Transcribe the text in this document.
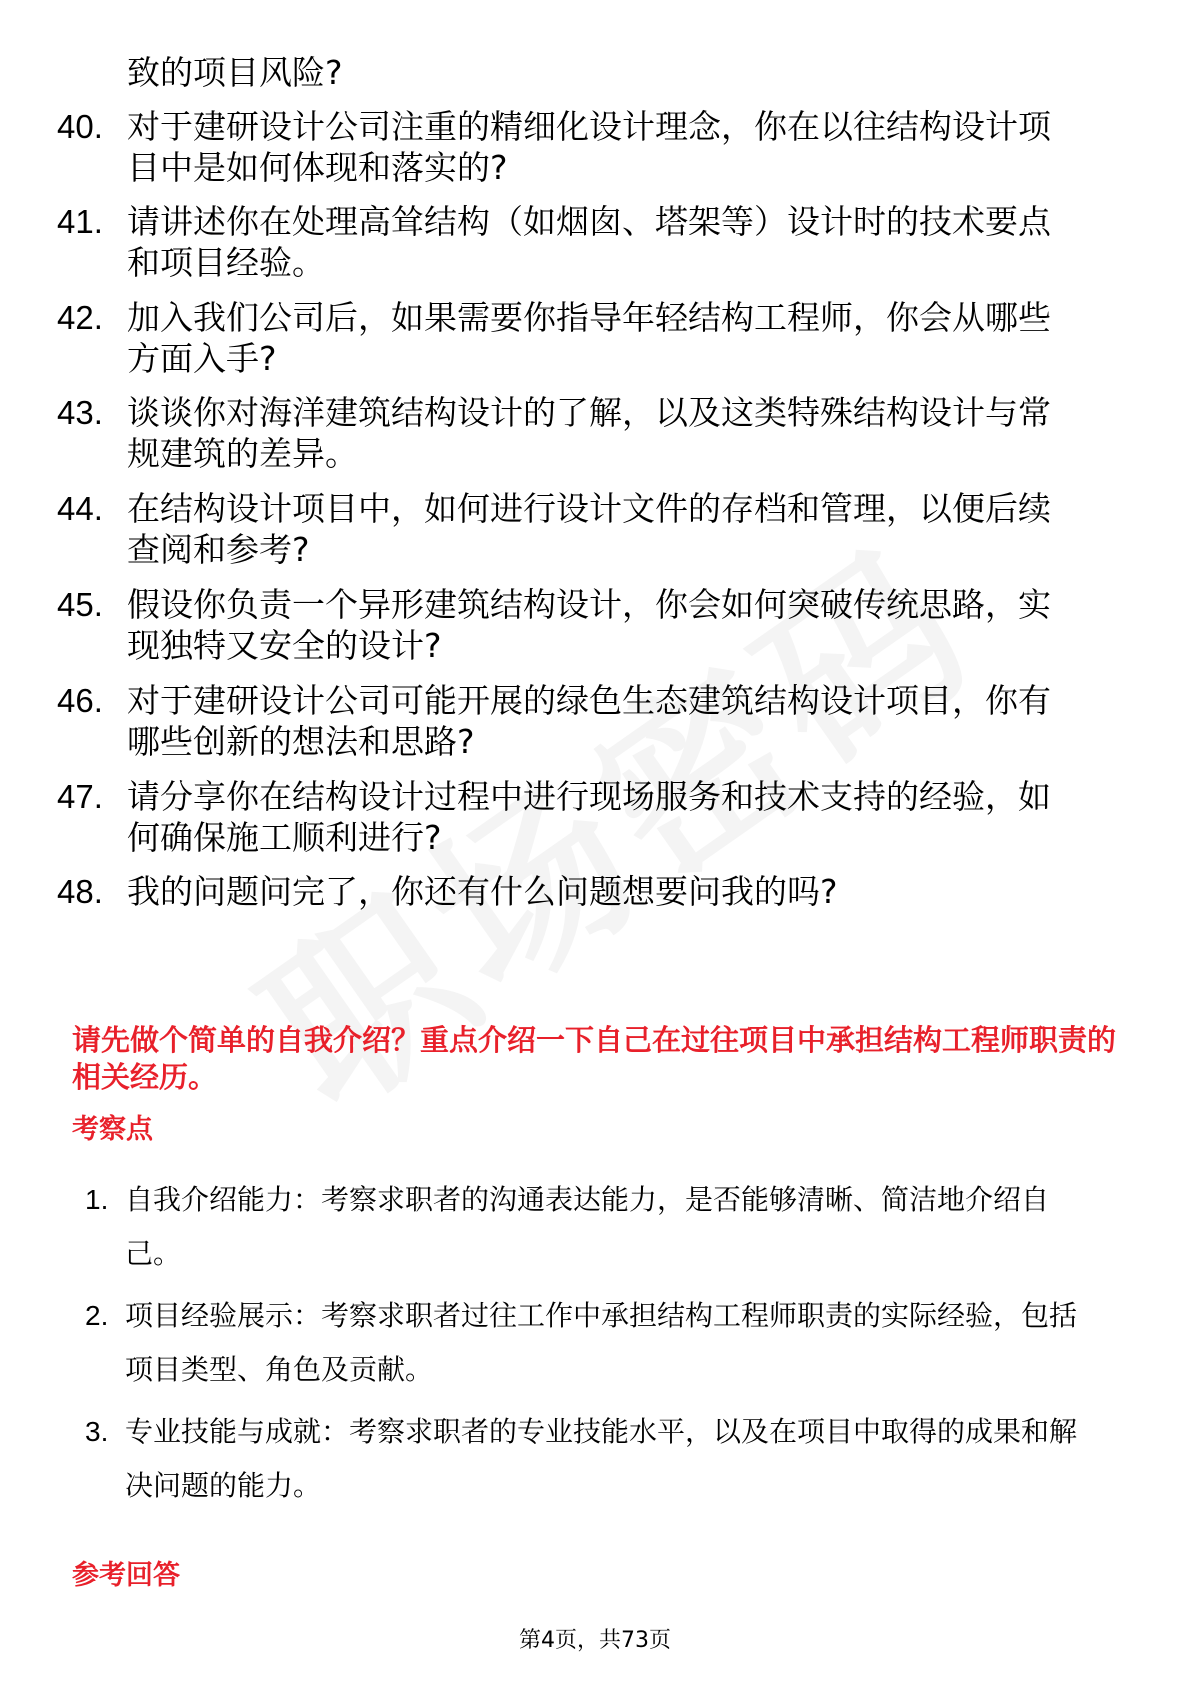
致的项目风险?
40. 对于建研设计公司注重的精细化设计理念，你在以往结构设计项
目中是如何体现和落实的?
41. 请讲述你在处理高耸结构（如烟囱、塔架等）设计时的技术要点
和项目经验。
42. 加入我们公司后，如果需要你指导年轻结构工程师，你会从哪些
方面入手?
43. 谈谈你对海洋建筑结构设计的了解，以及这类特殊结构设计与常
规建筑的差异。
44. 在结构设计项目中，如何进行设计文件的存档和管理，以便后续
查阅和参考?
45. 假设你负责一个异形建筑结构设计，你会如何突破传统思路，实
现独特又安全的设计?
46. 对于建研设计公司可能开展的绿色生态建筑结构设计项目，你有
哪些创新的想法和思路?
47. 请分享你在结构设计过程中进行现场服务和技术支持的经验，如
何确保施工顺利进行?
48. 我的问题问完了，你还有什么问题想要问我的吗?
请先做个简单的自我介绍？重点介绍一下自己在过往项目中承担结构工程师职责的
相关经历。
考察点
1. 自我介绍能力：考察求职者的沟通表达能力，是否能够清晰、简洁地介绍自
己。
2. 项目经验展示：考察求职者过往工作中承担结构工程师职责的实际经验，包括
项目类型、角色及贡献。
3. 专业技能与成就：考察求职者的专业技能水平，以及在项目中取得的成果和解
决问题的能力。
参考回答
第4页，共73页
